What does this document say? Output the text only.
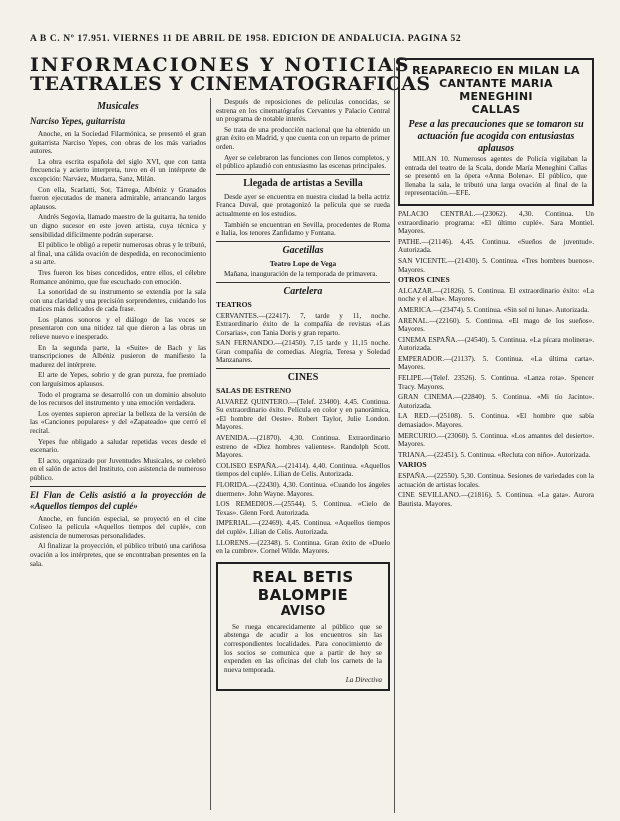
A B C. Nº 17.951. VIERNES 11 DE ABRIL DE 1958. EDICION DE ANDALUCIA. PAGINA 52
INFORMACIONES Y NOTICIAS
TEATRALES Y CINEMATOGRAFICAS
Musicales
Narciso Yepes, guitarrista

Anoche, en la Sociedad Filarmónica, se presentó el gran guitarrista Narciso Yepes, con obras de los más variados autores.

La obra escrita española del siglo XVI, que con tanta frecuencia y acierto interpreta, tuvo en él un intérprete de excepción: Narváez, Mudarra, Sanz, Milán.

Con ella, Scarlatti, Sor, Tárrega, Albéniz y Granados fueron ejecutados de manera admirable, arrancando largos aplausos.

Andrés Segovia, llamado maestro de la guitarra, ha tenido un digno sucesor en este joven artista, cuya técnica y sensibilidad difícilmente podrán superarse.

El público le obligó a repetir numerosas obras y le tributó, al final, una cálida ovación de despedida, en reconocimiento a su arte.

Tres fueron los bises concedidos, entre ellos, el célebre Romance anónimo, que fue escuchado con emoción.

La sonoridad de su instrumento se extendía por la sala con una claridad y una precisión sorprendentes, cuidando los matices más delicados de cada frase.

Los planos sonoros y el diálogo de las voces se presentaron con una nitidez tal que dieron a las obras un relieve nuevo e inesperado.

En la segunda parte, la «Suite» de Bach y las transcripciones de Albéniz pusieron de manifiesto la madurez del intérprete.

El arte de Yepes, sobrio y de gran pureza, fue premiado con larguísimos aplausos.

Todo el programa se desarrolló con un dominio absoluto de los recursos del instrumento y una emoción verdadera.

Los oyentes supieron apreciar la belleza de la versión de las «Canciones populares» y del «Zapateado» que cerró el recital.

Yepes fue obligado a saludar repetidas veces desde el escenario.

El acto, organizado por Juventudes Musicales, se celebró en el salón de actos del Instituto, con asistencia de numeroso público.

El Flan de Celis asistió a la proyección de «Aquellos tiempos del cuplé»

Anoche, en función especial, se proyectó en el cine Coliseo la película «Aquellos tiempos del cuplé», con asistencia de numerosas personalidades.

Al finalizar la proyección, el público tributó una cariñosa ovación a los intérpretes, que se encontraban presentes en la sala.

Después de reposiciones de películas conocidas, se estrena en los cinematógrafos Cervantes y Palacio Central un programa de notable interés.

Se trata de una producción nacional que ha obtenido un gran éxito en Madrid, y que cuenta con un reparto de primer orden.

Ayer se celebraron las funciones con llenos completos, y el público aplaudió con entusiasmo las escenas principales.

Llegada de artistas a Sevilla

Desde ayer se encuentra en nuestra ciudad la bella actriz Franca Duval, que protagonizó la película que se rueda actualmente en los estudios.

También se encuentran en Sevilla, procedentes de Roma e Italia, los tenores Zanfidamo y Fontana.

Gacetillas
Teatro Lope de Vega

Mañana, inauguración de la temporada de primavera.

Cartelera
TEATROS

CERVANTES.—(22417). 7, tarde y 11, noche. Extraordinario éxito de la compañía de revistas «Las Corsarias», con Tania Doris y gran reparto.

SAN FERNANDO.—(21450). 7,15 tarde y 11,15 noche. Gran compañía de comedias. Alegría, Teresa y Soledad Manzanares.

CINES
SALAS DE ESTRENO

ALVAREZ QUINTERO.—(Telef. 23400). 4,45. Continua. Su extraordinario éxito. Película en color y en panorámica, «El hombre del Oeste». Robert Taylor, Julie London. Mayores.

AVENIDA.—(21870). 4,30. Continua. Extraordinario estreno de «Diez hombres valientes». Randolph Scott. Mayores.

COLISEO ESPAÑA.—(21414). 4,40. Continua. «Aquellos tiempos del cuplé». Lilian de Celis. Autorizada.

FLORIDA.—(22430). 4,30. Continua. «Cuando los ángeles duermen». John Wayne. Mayores.

LOS REMEDIOS.—(25544). 5. Continua. «Cielo de Texas». Glenn Ford. Autorizada.

IMPERIAL.—(22469). 4,45. Continua. «Aquellos tiempos del cuplé». Lilian de Celis. Autorizada.

LLORENS.—(22348). 5. Continua. Gran éxito de «Duelo en la cumbre». Cornel Wilde. Mayores.

REAL BETIS BALOMPIE
AVISO

Se ruega encarecidamente al público que se abstenga de acudir a los encuentros sin las correspondientes localidades. Para conocimiento de los socios se comunica que a partir de hoy se expenden en las oficinas del club los carnets de la nueva temporada.

La Directiva
REAPARECIO EN MILAN LA
CANTANTE MARIA MENEGHINI
CALLAS
Pese a las precauciones que se tomaron su actuación fue acogida con entusiastas aplausos

MILAN 10. Numerosos agentes de Policía vigilaban la entrada del teatro de la Scala, donde María Meneghini Callas se presentó en la ópera «Anna Bolena». El público, que llenaba la sala, le tributó una larga ovación al final de la representación.—EFE.

PALACIO CENTRAL.—(23062). 4,30. Continua. Un extraordinario programa: «El último cuplé». Sara Montiel. Mayores.

PATHE.—(21146). 4,45. Continua. «Sueños de juventud». Autorizada.

SAN VICENTE.—(21430). 5. Continua. «Tres hombres buenos». Mayores.

OTROS CINES

ALCAZAR.—(21826). 5. Continua. El extraordinario éxito: «La noche y el alba». Mayores.

AMERICA.—(23474). 5. Continua. «Sin sol ni luna». Autorizada.

ARENAL.—(22160). 5. Continua. «El mago de los sueños». Mayores.

CINEMA ESPAÑA.—(24540). 5. Continua. «La pícara molinera». Autorizada.

EMPERADOR.—(21137). 5. Continua. «La última carta». Mayores.

FELIPE.—(Telef. 23526). 5. Continua. «Lanza rota». Spencer Tracy. Mayores.

GRAN CINEMA.—(22840). 5. Continua. «Mi tío Jacinto». Autorizada.

LA RED.—(25108). 5. Continua. «El hombre que sabía demasiado». Mayores.

MERCURIO.—(23060). 5. Continua. «Los amantes del desierto». Mayores.

TRIANA.—(22451). 5. Continua. «Recluta con niño». Autorizada.

VARIOS

ESPAÑA.—(22550). 5,30. Continua. Sesiones de variedades con la actuación de artistas locales.

CINE SEVILLANO.—(21816). 5. Continua. «La gata». Aurora Bautista. Mayores.
